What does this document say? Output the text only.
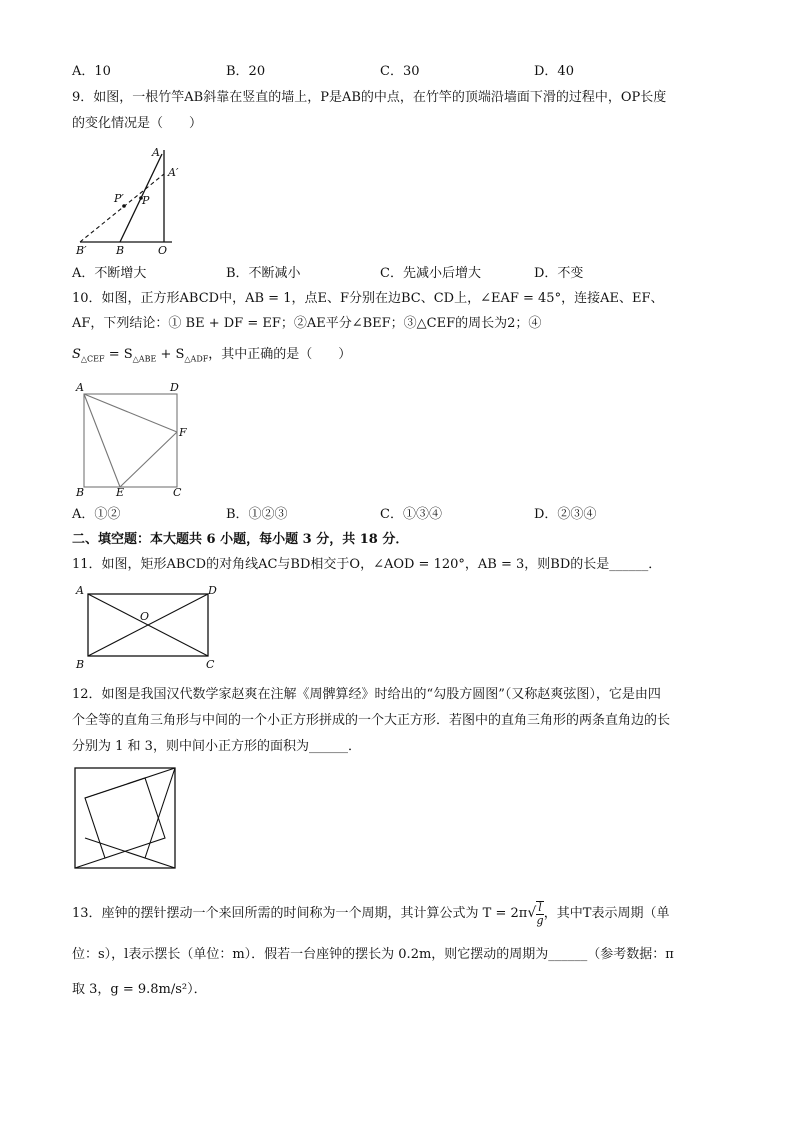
A．10	B．20	C．30	D．40
9．如图，一根竹竿AB斜靠在竖直的墙上，P是AB的中点，在竹竿的顶端沿墙面下滑的过程中，OP长度
的变化情况是（　　）
A
A′
P
P′
B
B′	O
A．不断增大	B．不断减小	C．先减小后增大	D．不变
10．如图，正方形ABCD中，AB = 1，点E、F分别在边BC、CD上，∠EAF = 45°，连接AE、EF、
AF，下列结论：① BE + DF = EF；②AE平分∠BEF；③△CEF的周长为2；④
$S_{\triangle CEF} = S_{\triangle ABE} + S_{\triangle ADF}$，其中正确的是（　　）
A	D
F
B	E	C
A．①②	B．①②③	C．①③④	D．②③④
二、填空题：本大题共 6 小题，每小题 3 分，共 18 分．
11．如图，矩形ABCD的对角线AC与BD相交于O，∠AOD = 120°，AB = 3，则BD的长是______．
A	D
O
B	C
12．如图是我国汉代数学家赵爽在注解《周髀算经》时给出的“勾股方圆图”（又称赵爽弦图），它是由四
个全等的直角三角形与中间的一个小正方形拼成的一个大正方形．若图中的直角三角形的两条直角边的长
分别为 1 和 3，则中间小正方形的面积为______．
13．座钟的摆针摆动一个来回所需的时间称为一个周期，其计算公式为 $T = 2\pi√ \frac{l}{g}$ ，其中T表示周期（单
位：s），l表示摆长（单位：m）．假若一台座钟的摆长为 0.2m，则它摆动的周期为______（参考数据：π
取 3，g = 9.8m/s²）．
